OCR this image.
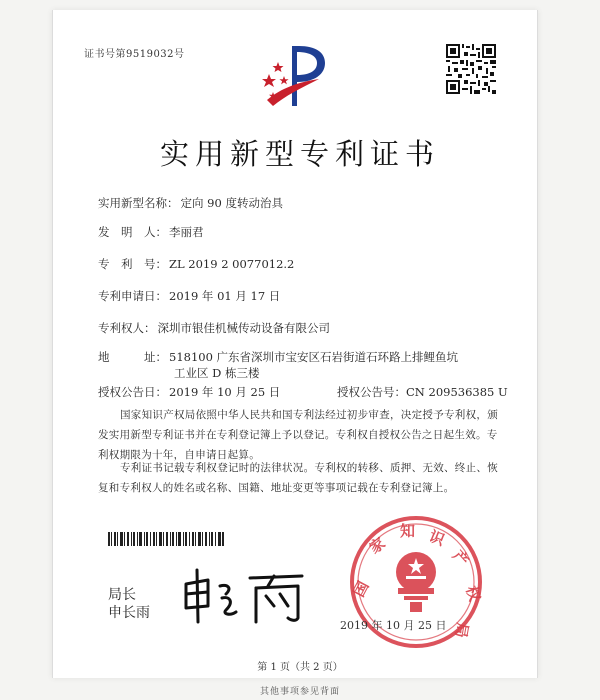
证书号第9519032号
实用新型专利证书
实用新型名称： 定向 90 度转动治具
发　明　人： 李丽君
专　利　号： ZL 2019 2 0077012.2
专利申请日： 2019 年 01 月 17 日
专利权人： 深圳市银佳机械传动设备有限公司
地　　　址： 518100 广东省深圳市宝安区石岩街道石环路上排鲤鱼坑
工业区 D 栋三楼
授权公告日： 2019 年 10 月 25 日	授权公告号：CN 209536385 U
国家知识产权局依照中华人民共和国专利法经过初步审查，决定授予专利权，颁发实用新型专利证书并在专利登记簿上予以登记。专利权自授权公告之日起生效。专利权期限为十年，自申请日起算。
专利证书记载专利权登记时的法律状况。专利权的转移、质押、无效、终止、恢复和专利权人的姓名或名称、国籍、地址变更等事项记载在专利登记簿上。
局长
申长雨
国
家
知 识
产
权
局
2019 年 10 月 25 日
第 1 页（共 2 页）
其他事项参见背面
